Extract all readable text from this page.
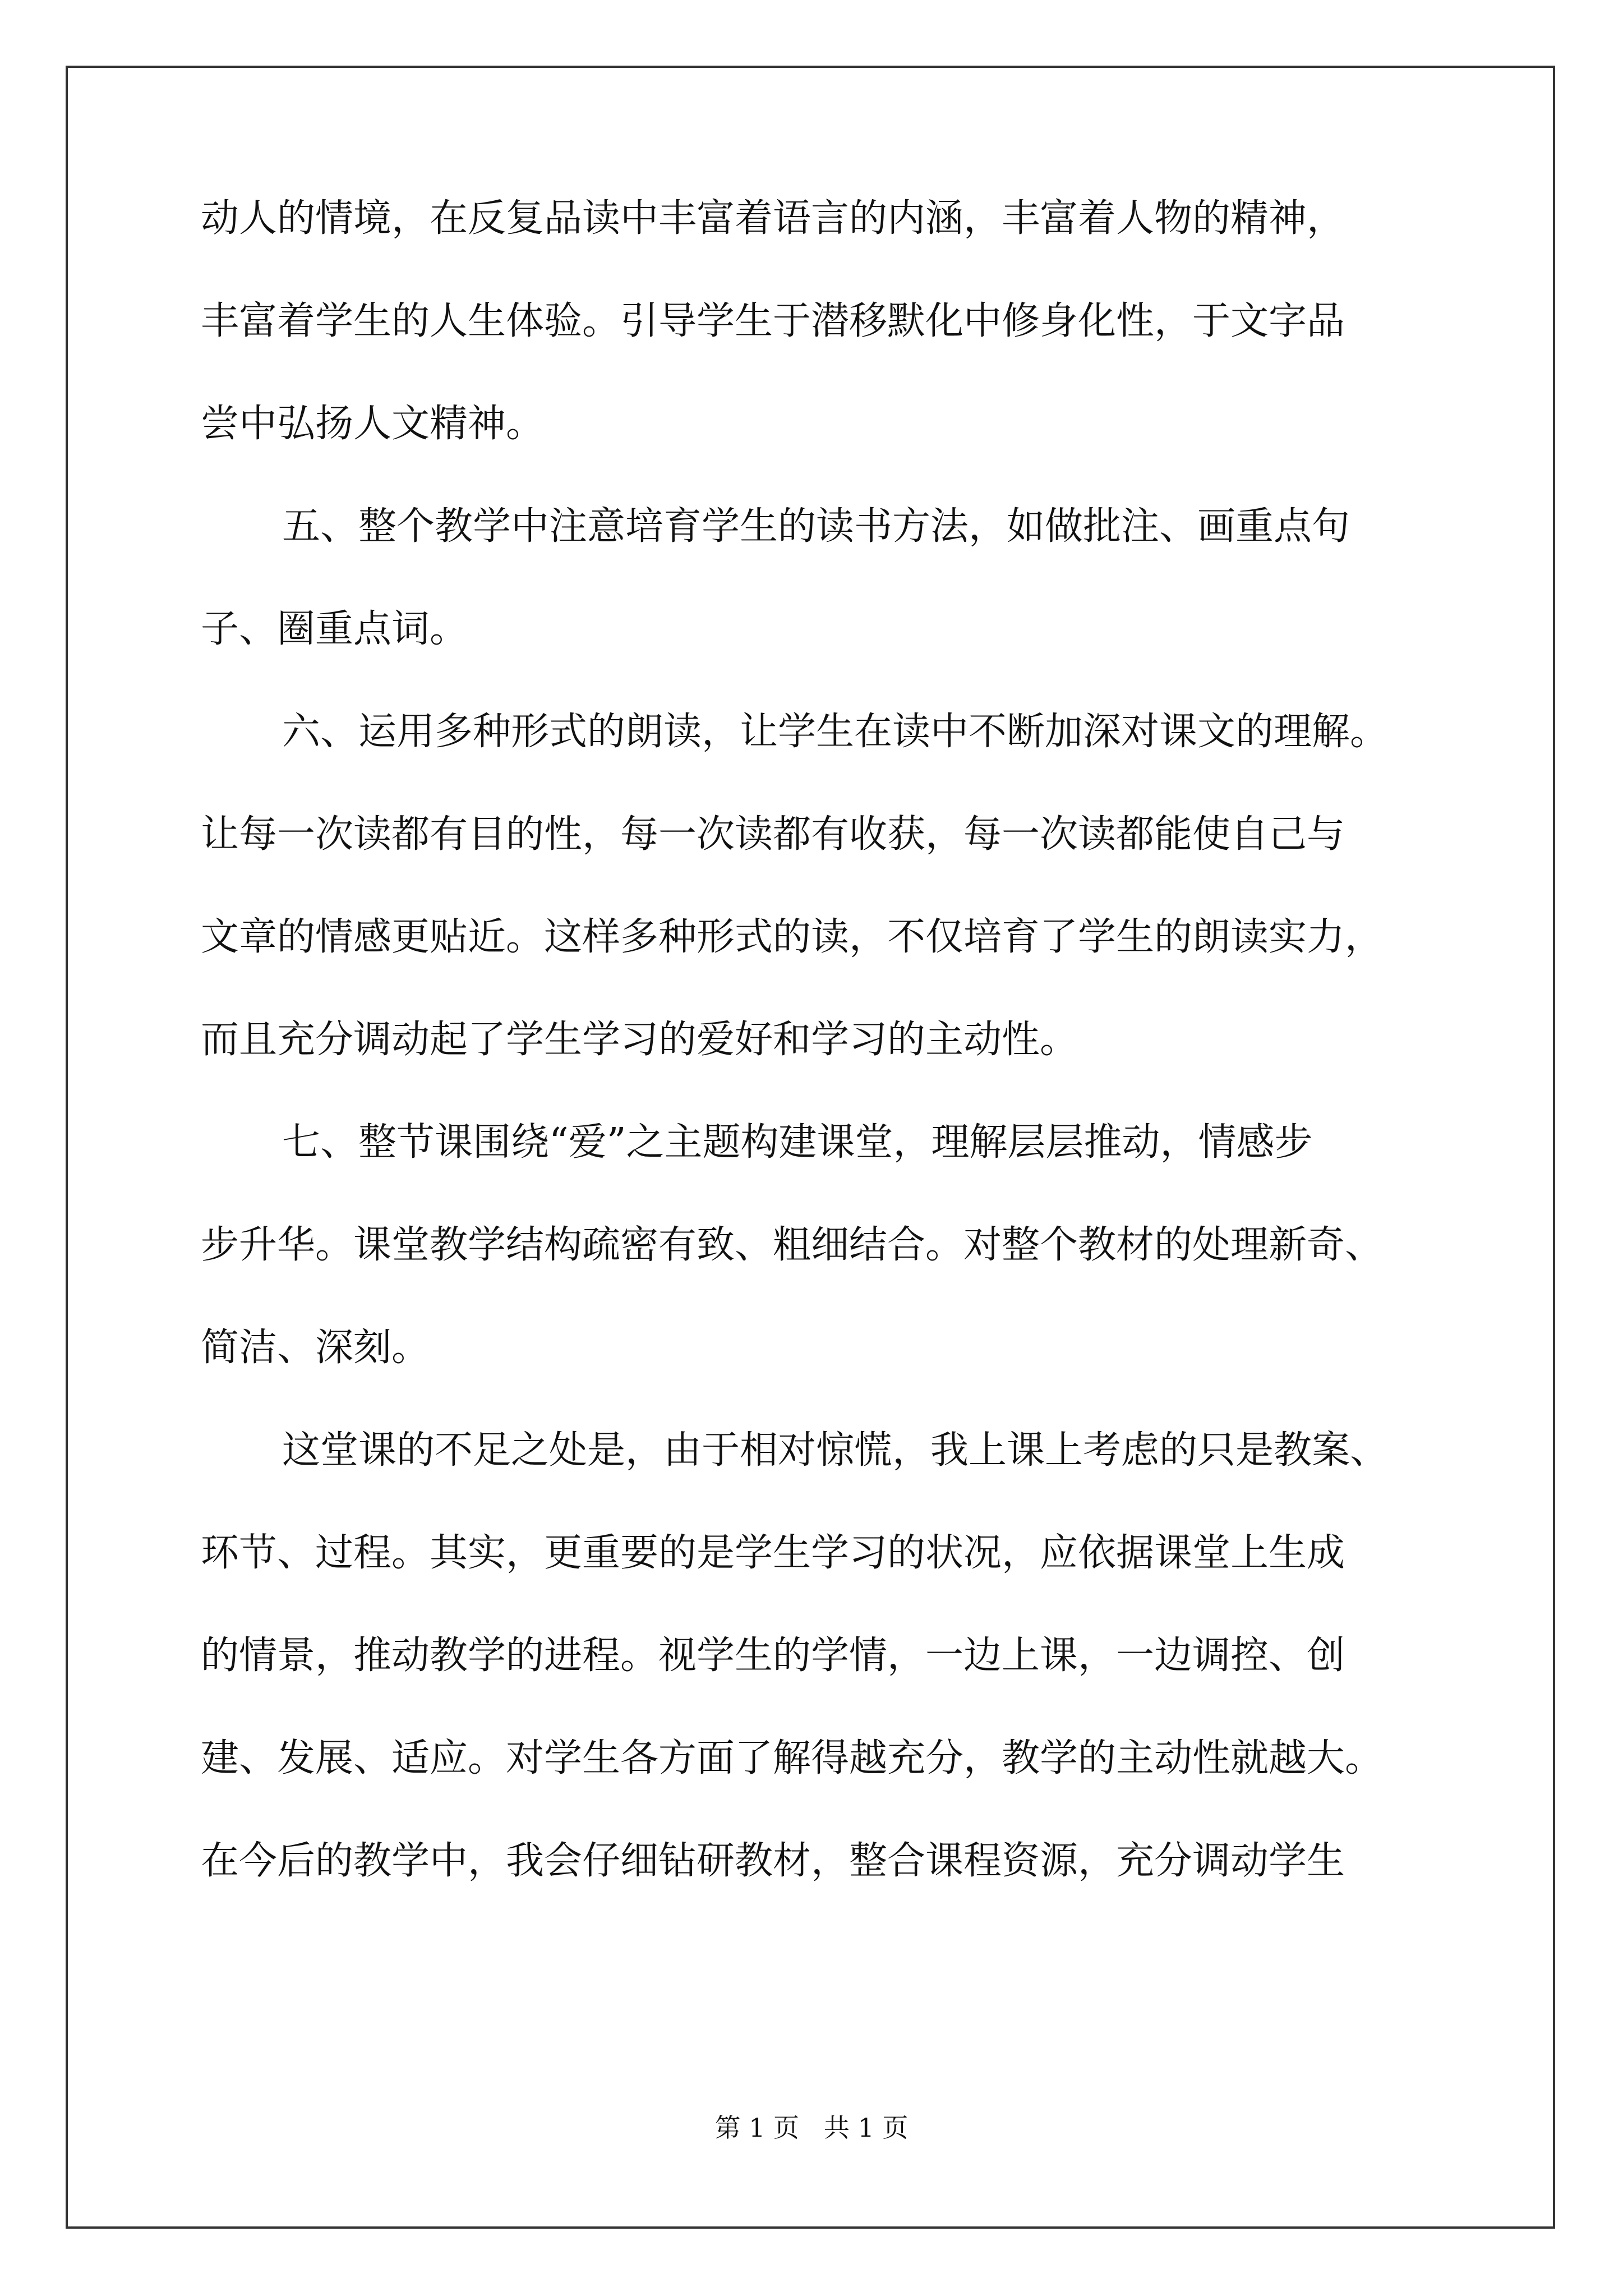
动人的情境，在反复品读中丰富着语言的内涵，丰富着人物的精神，
丰富着学生的人生体验。引导学生于潜移默化中修身化性，于文字品
尝中弘扬人文精神。
五、整个教学中注意培育学生的读书方法，如做批注、画重点句
子、圈重点词。
六、运用多种形式的朗读，让学生在读中不断加深对课文的理解。
让每一次读都有目的性，每一次读都有收获，每一次读都能使自己与
文章的情感更贴近。这样多种形式的读，不仅培育了学生的朗读实力，
而且充分调动起了学生学习的爱好和学习的主动性。
七、整节课围绕“爱”之主题构建课堂，理解层层推动，情感步
步升华。课堂教学结构疏密有致、粗细结合。对整个教材的处理新奇、
简洁、深刻。
这堂课的不足之处是，由于相对惊慌，我上课上考虑的只是教案、
环节、过程。其实，更重要的是学生学习的状况，应依据课堂上生成
的情景，推动教学的进程。视学生的学情，一边上课，一边调控、创
建、发展、适应。对学生各方面了解得越充分，教学的主动性就越大。
在今后的教学中，我会仔细钻研教材，整合课程资源，充分调动学生
第 1 页   共 1 页
